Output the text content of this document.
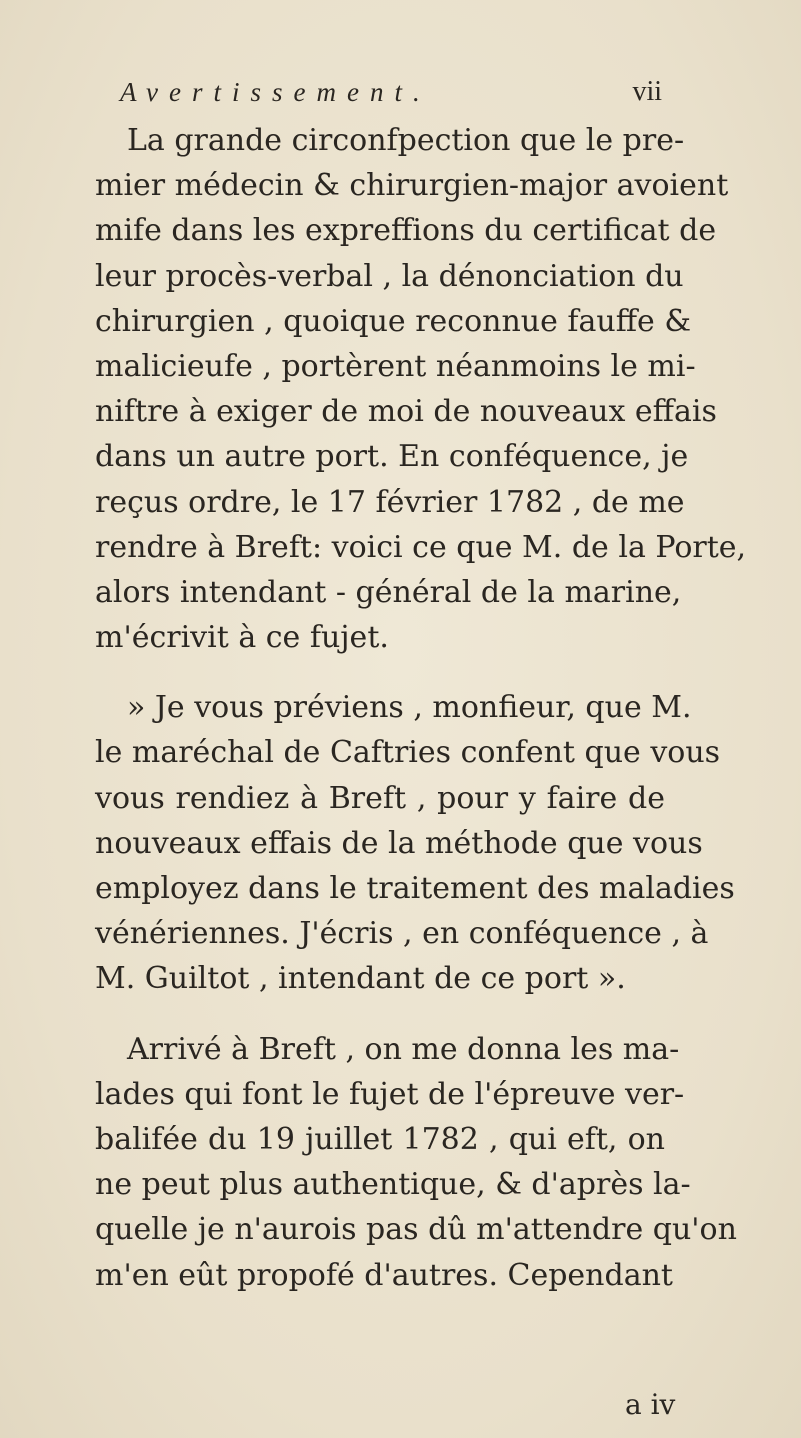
Avertissement.	vii
La grande circonfpection que le pre-
mier médecin & chirurgien-major avoient
mife dans les expreffions du certificat de
leur procès-verbal , la dénonciation du
chirurgien , quoique reconnue fauffe &
malicieufe , portèrent néanmoins le mi-
niftre à exiger de moi de nouveaux effais
dans un autre port. En conféquence, je
reçus ordre, le 17 février 1782 , de me
rendre à Breft: voici ce que M. de la Porte,
alors intendant - général de la marine,
m'écrivit à ce fujet.
» Je vous préviens , monfieur, que M.
le maréchal de Caftries confent que vous
vous rendiez à Breft , pour y faire de
nouveaux effais de la méthode que vous
employez dans le traitement des maladies
vénériennes. J'écris , en conféquence , à
M. Guiltot , intendant de ce port ».
Arrivé à Breft , on me donna les ma-
lades qui font le fujet de l'épreuve ver-
balifée du 19 juillet 1782 , qui eft, on
ne peut plus authentique, & d'après la-
quelle je n'aurois pas dû m'attendre qu'on
m'en eût propofé d'autres. Cependant
a iv
